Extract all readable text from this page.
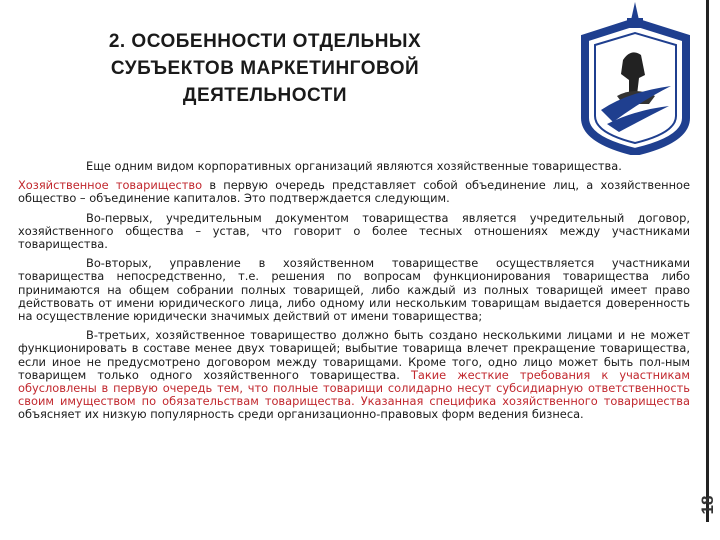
2. ОСОБЕННОСТИ ОТДЕЛЬНЫХ
СУБЪЕКТОВ МАРКЕТИНГОВОЙ
ДЕЯТЕЛЬНОСТИ
18

Еще одним видом корпоративных организаций являются хозяйственные товарищества.

Хозяйственное товарищество в первую очередь представляет собой объединение лиц, а хозяйственное общество – объединение капиталов. Это подтверждается следующим.

Во-первых, учредительным документом товарищества является учредительный договор, хозяйственного общества – устав, что говорит о более тесных отношениях между участниками товарищества.

Во-вторых, управление в хозяйственном товариществе осуществляется участниками товарищества непосредственно, т.е. решения по вопросам функционирования товарищества либо принимаются на общем собрании полных товарищей, либо каждый из полных товарищей имеет право действовать от имени юридического лица, либо одному или нескольким товарищам выдается доверенность на осуществление юридически значимых действий от имени товарищества;

В-третьих, хозяйственное товарищество должно быть создано несколькими лицами и не может функционировать в составе менее двух товарищей; выбытие товарища влечет прекращение товарищества, если иное не предусмотрено договором между товарищами. Кроме того, одно лицо может быть пол-ным товарищем только одного хозяйственного товарищества. Такие жесткие требования к участникам обусловлены в первую очередь тем, что полные товарищи солидарно несут субсидиарную ответственность своим имуществом по обязательствам товарищества. Указанная специфика хозяйственного товарищества объясняет их низкую популярность среди организационно-правовых форм ведения бизнеса.
